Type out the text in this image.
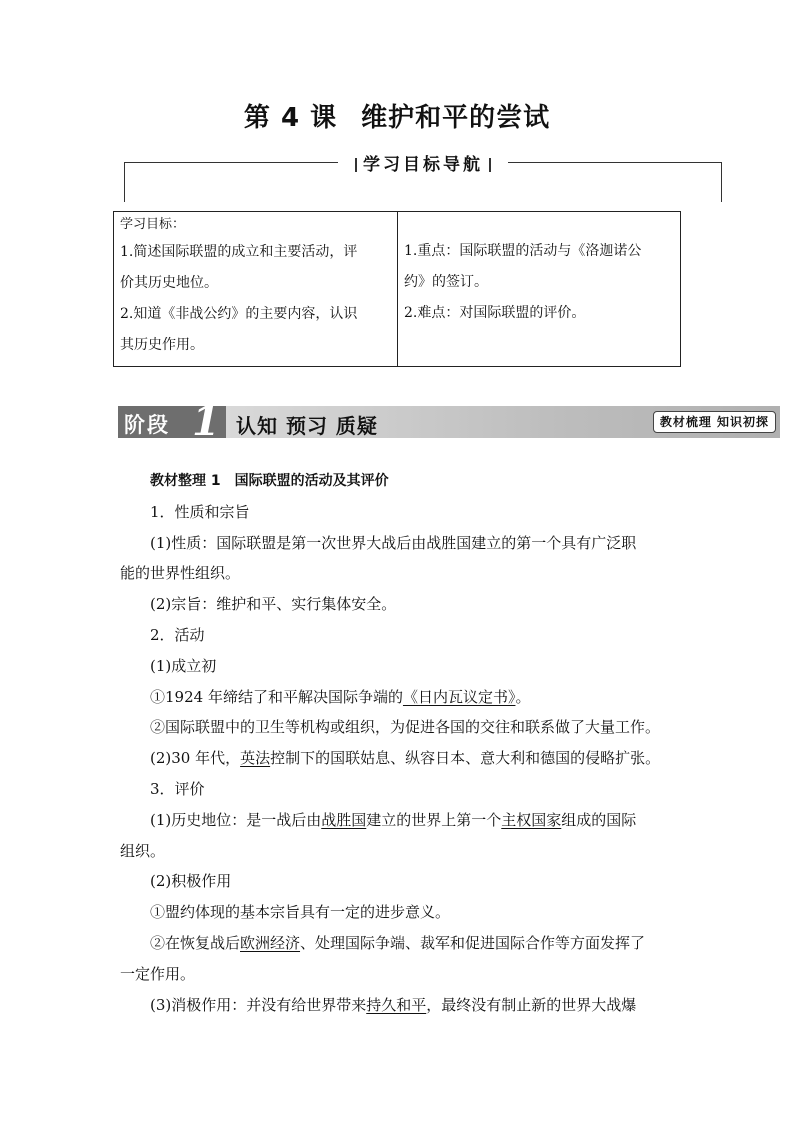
第 4 课 维护和平的尝试
学习目标导航

学习目标：

1.简述国际联盟的成立和主要活动，评

价其历史地位。

2.知道《非战公约》的主要内容，认识

其历史作用。

1.重点：国际联盟的活动与《洛迦诺公

约》的签订。

2.难点：对国际联盟的评价。

阶段 1 认知 预习 质疑	教材梳理 知识初探

教材整理 1　国际联盟的活动及其评价

1．性质和宗旨

(1)性质：国际联盟是第一次世界大战后由战胜国建立的第一个具有广泛职

能的世界性组织。

(2)宗旨：维护和平、实行集体安全。

2．活动

(1)成立初

①1924 年缔结了和平解决国际争端的《日内瓦议定书》。

②国际联盟中的卫生等机构或组织，为促进各国的交往和联系做了大量工作。

(2)30 年代，英法控制下的国联姑息、纵容日本、意大利和德国的侵略扩张。

3．评价

(1)历史地位：是一战后由战胜国建立的世界上第一个主权国家组成的国际

组织。

(2)积极作用

①盟约体现的基本宗旨具有一定的进步意义。

②在恢复战后欧洲经济、处理国际争端、裁军和促进国际合作等方面发挥了

一定作用。

(3)消极作用：并没有给世界带来持久和平，最终没有制止新的世界大战爆
